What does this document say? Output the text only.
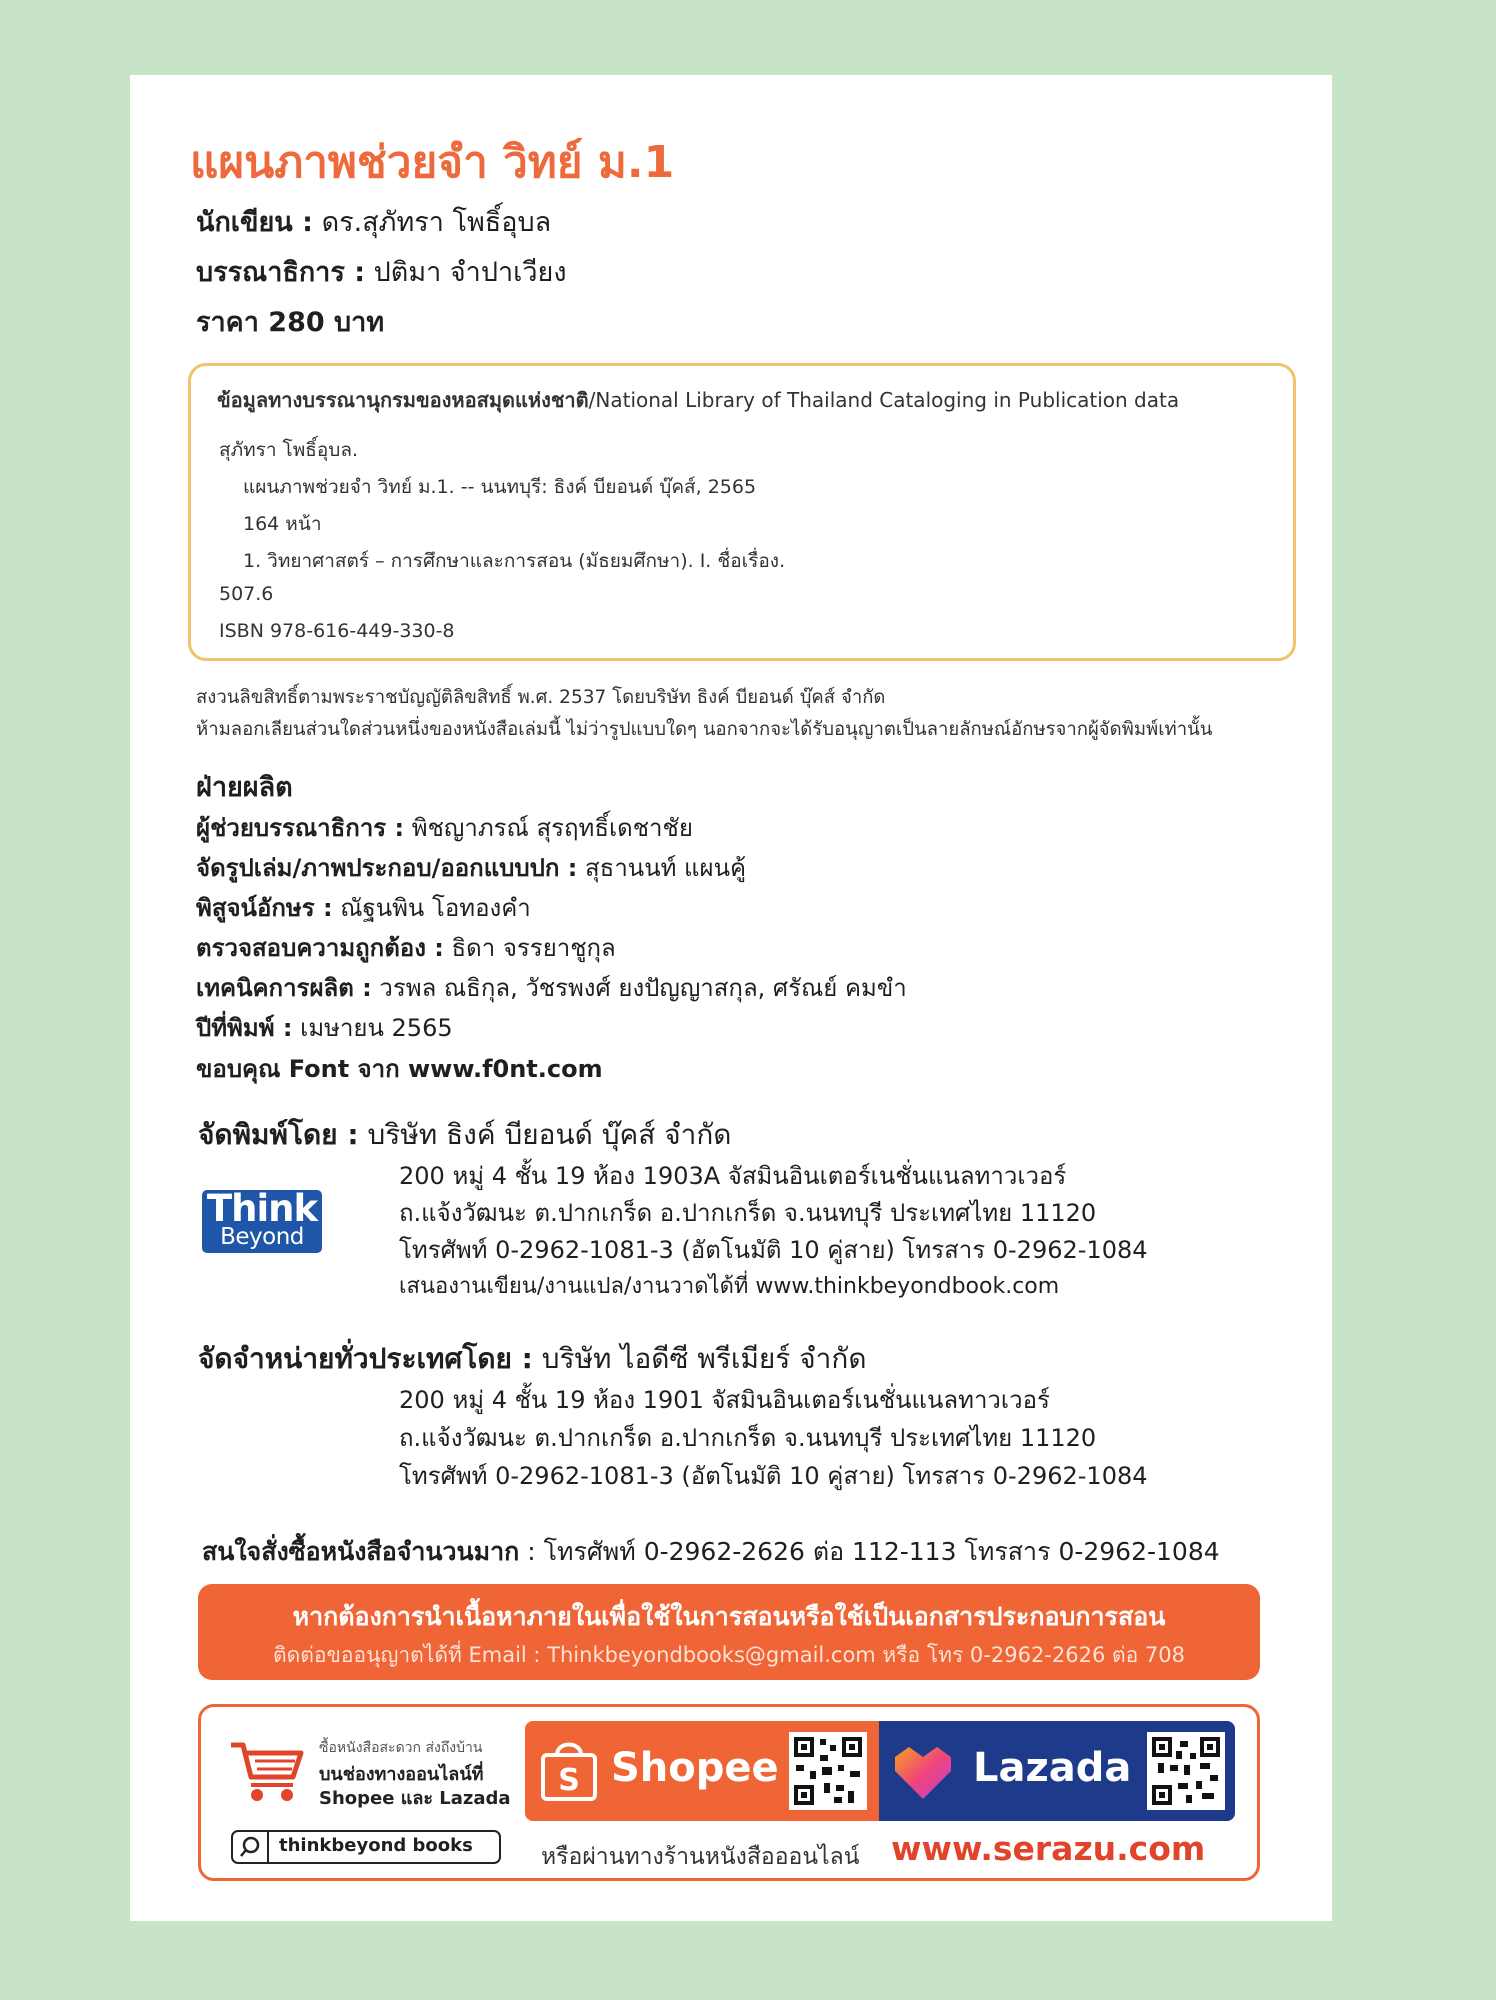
แผนภาพช่วยจำ วิทย์ ม.1
นักเขียน : ดร.สุภัทรา โพธิ์อุบล
บรรณาธิการ : ปติมา จำปาเวียง
ราคา 280 บาท
ข้อมูลทางบรรณานุกรมของหอสมุดแห่งชาติ/National Library of Thailand Cataloging in Publication data
สุภัทรา โพธิ์อุบล.
แผนภาพช่วยจำ วิทย์ ม.1. -- นนทบุรี: ธิงค์ บียอนด์ บุ๊คส์, 2565
164 หน้า
1. วิทยาศาสตร์ – การศึกษาและการสอน (มัธยมศึกษา). I. ชื่อเรื่อง.
507.6
ISBN 978-616-449-330-8
สงวนลิขสิทธิ์ตามพระราชบัญญัติลิขสิทธิ์ พ.ศ. 2537 โดยบริษัท ธิงค์ บียอนด์ บุ๊คส์ จำกัด
ห้ามลอกเลียนส่วนใดส่วนหนึ่งของหนังสือเล่มนี้ ไม่ว่ารูปแบบใดๆ นอกจากจะได้รับอนุญาตเป็นลายลักษณ์อักษรจากผู้จัดพิมพ์เท่านั้น
ฝ่ายผลิต
ผู้ช่วยบรรณาธิการ : พิชญาภรณ์ สุรฤทธิ์เดชาชัย
จัดรูปเล่ม/ภาพประกอบ/ออกแบบปก : สุธานนท์ แผนคู้
พิสูจน์อักษร : ณัฐนพิน โอทองคำ
ตรวจสอบความถูกต้อง : ธิดา จรรยาชูกุล
เทคนิคการผลิต : วรพล ณธิกุล, วัชรพงศ์ ยงปัญญาสกุล, ศรัณย์ คมขำ
ปีที่พิมพ์ : เมษายน 2565
ขอบคุณ Font จาก www.f0nt.com
จัดพิมพ์โดย : บริษัท ธิงค์ บียอนด์ บุ๊คส์ จำกัด
Think
Beyond
200 หมู่ 4 ชั้น 19 ห้อง 1903A จัสมินอินเตอร์เนชั่นแนลทาวเวอร์
ถ.แจ้งวัฒนะ ต.ปากเกร็ด อ.ปากเกร็ด จ.นนทบุรี ประเทศไทย 11120
โทรศัพท์ 0-2962-1081-3 (อัตโนมัติ 10 คู่สาย) โทรสาร 0-2962-1084
เสนองานเขียน/งานแปล/งานวาดได้ที่ www.thinkbeyondbook.com
จัดจำหน่ายทั่วประเทศโดย : บริษัท ไอดีซี พรีเมียร์ จำกัด
200 หมู่ 4 ชั้น 19 ห้อง 1901 จัสมินอินเตอร์เนชั่นแนลทาวเวอร์
ถ.แจ้งวัฒนะ ต.ปากเกร็ด อ.ปากเกร็ด จ.นนทบุรี ประเทศไทย 11120
โทรศัพท์ 0-2962-1081-3 (อัตโนมัติ 10 คู่สาย) โทรสาร 0-2962-1084
สนใจสั่งซื้อหนังสือจำนวนมาก : โทรศัพท์ 0-2962-2626 ต่อ 112-113 โทรสาร 0-2962-1084
หากต้องการนำเนื้อหาภายในเพื่อใช้ในการสอนหรือใช้เป็นเอกสารประกอบการสอน
ติดต่อขออนุญาตได้ที่ Email : Thinkbeyondbooks@gmail.com หรือ โทร 0-2962-2626 ต่อ 708
ซื้อหนังสือสะดวก ส่งถึงบ้าน
บนช่องทางออนไลน์ที่
Shopee และ Lazada
thinkbeyond books
S Shopee	Lazada
หรือผ่านทางร้านหนังสือออนไลน์ www.serazu.com
